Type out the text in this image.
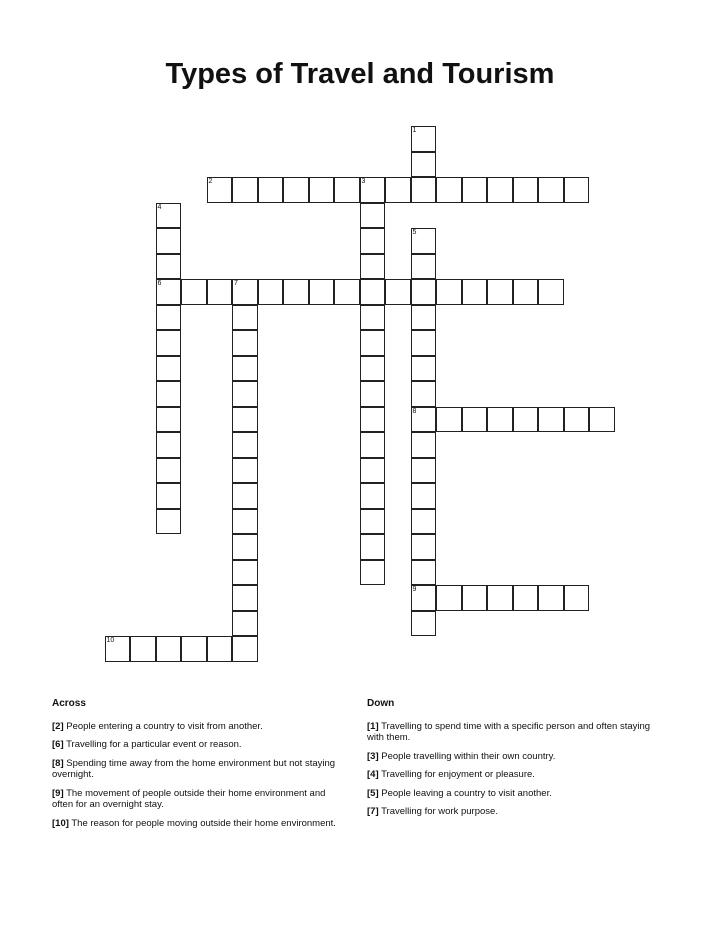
Types of Travel and Tourism
1
2	3
4
6
5
8
9
7
10
Across
[2] People entering a country to visit from another.
[6] Travelling for a particular event or reason.
[8] Spending time away from the home environment but not staying overnight.
[9] The movement of people outside their home environment and often for an overnight stay.
[10] The reason for people moving outside their home environment.
Down
[1] Travelling to spend time with a specific person and often staying with them.
[3] People travelling within their own country.
[4] Travelling for enjoyment or pleasure.
[5] People leaving a country to visit another.
[7] Travelling for work purpose.
